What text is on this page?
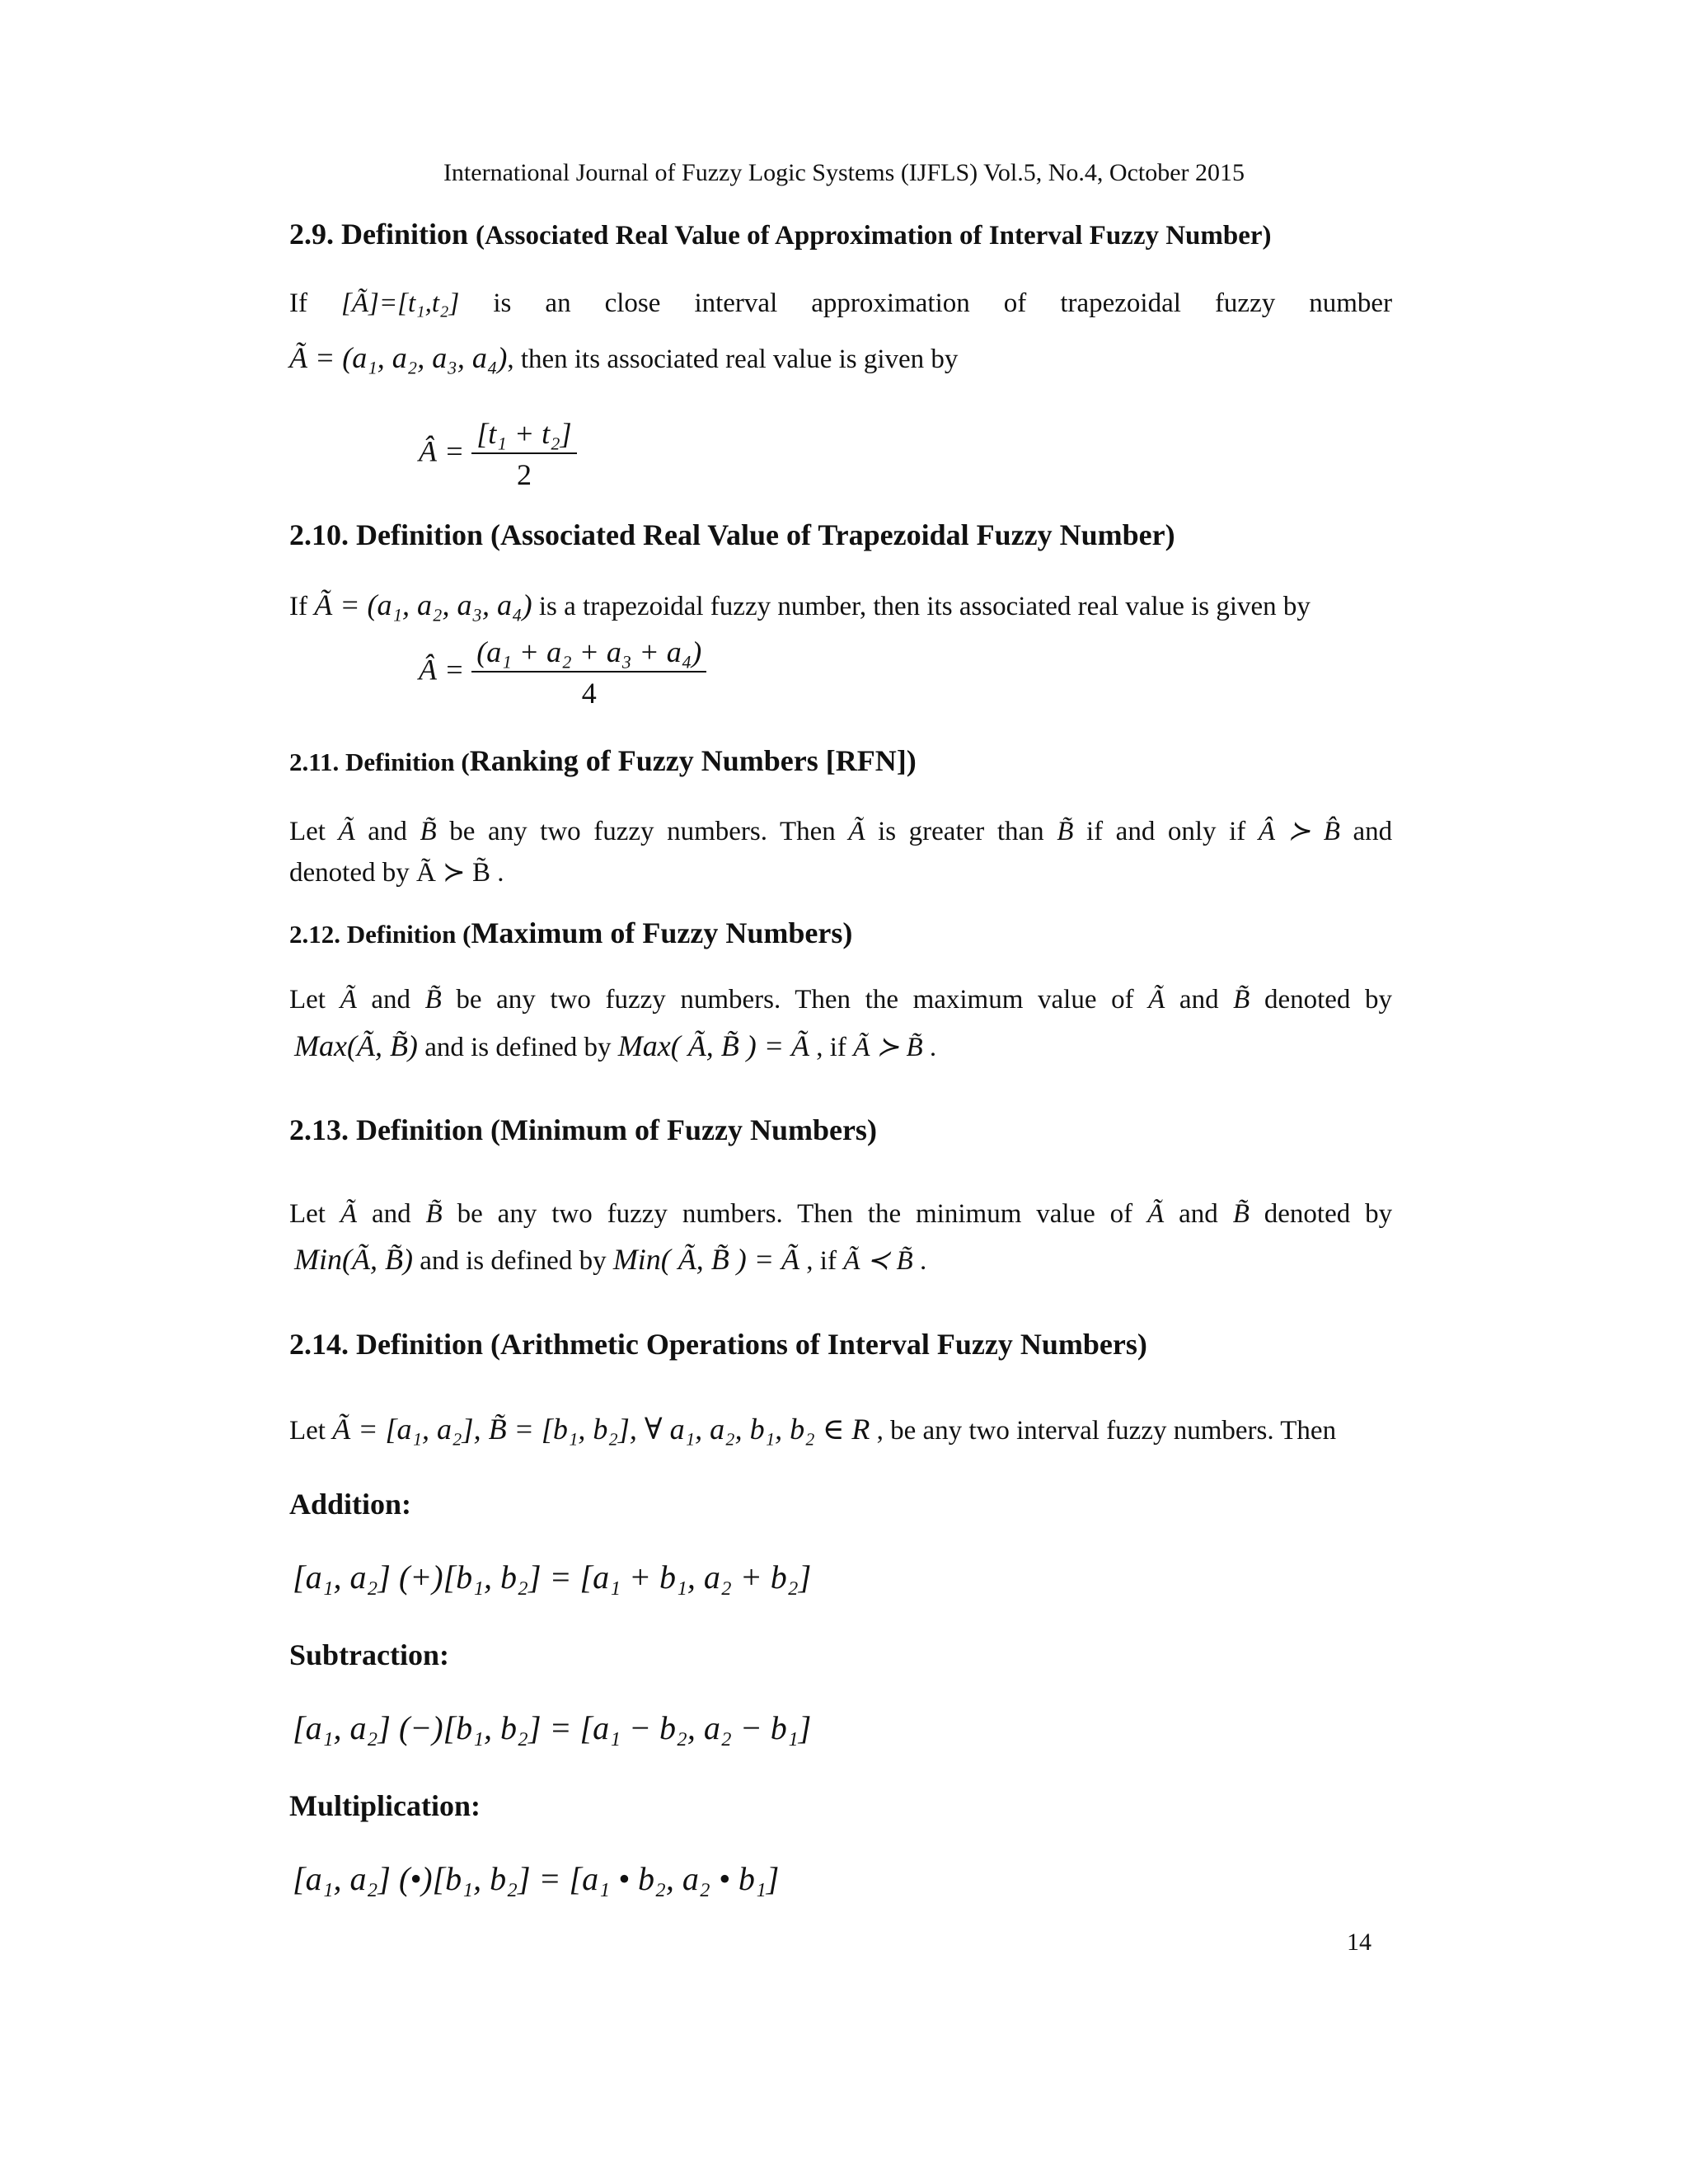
International Journal of Fuzzy Logic Systems (IJFLS) Vol.5, No.4, October 2015
2.9. Definition (Associated Real Value of Approximation of Interval Fuzzy Number)
If [Ã]=[t₁,t₂] is an close interval approximation of trapezoidal fuzzy number
Ã = (a₁, a₂, a₃, a₄), then its associated real value is given by
Â = $\frac{\text{[t₁ + t₂]}}{2}$
2.10. Definition (Associated Real Value of Trapezoidal Fuzzy Number)
If Ã = (a₁, a₂, a₃, a₄) is a trapezoidal fuzzy number, then its associated real value is given by
Â = $\frac{\text{(a₁ + a₂ + a₃ + a₄)}}{4}$
2.11. Definition (Ranking of Fuzzy Numbers [RFN])
Let Ã and B̃ be any two fuzzy numbers. Then Ã is greater than B̃ if and only if Â ≻ B̂ and
denoted by Ã ≻ B̃ .
2.12. Definition (Maximum of Fuzzy Numbers)
Let Ã and B̃ be any two fuzzy numbers. Then the maximum value of Ã and B̃ denoted by
Max(Ã, B̃) and is defined by Max( Ã, B̃ ) = Ã , if Ã ≻ B̃ .
2.13. Definition (Minimum of Fuzzy Numbers)
Let Ã and B̃ be any two fuzzy numbers. Then the minimum value of Ã and B̃ denoted by
Min(Ã, B̃) and is defined by Min( Ã, B̃ ) = Ã , if Ã ≺ B̃ .
2.14. Definition (Arithmetic Operations of Interval Fuzzy Numbers)
Let Ã = [a₁, a₂], B̃ = [b₁, b₂], ∀ a₁, a₂, b₁, b₂ ∈ R , be any two interval fuzzy numbers. Then
Addition:
[a₁, a₂] (+)[b₁, b₂] = [a₁ + b₁, a₂ + b₂]
Subtraction:
[a₁, a₂] (−)[b₁, b₂] = [a₁ − b₂, a₂ − b₁]
Multiplication:
[a₁, a₂] (•)[b₁, b₂] = [a₁ • b₂, a₂ • b₁]
14
